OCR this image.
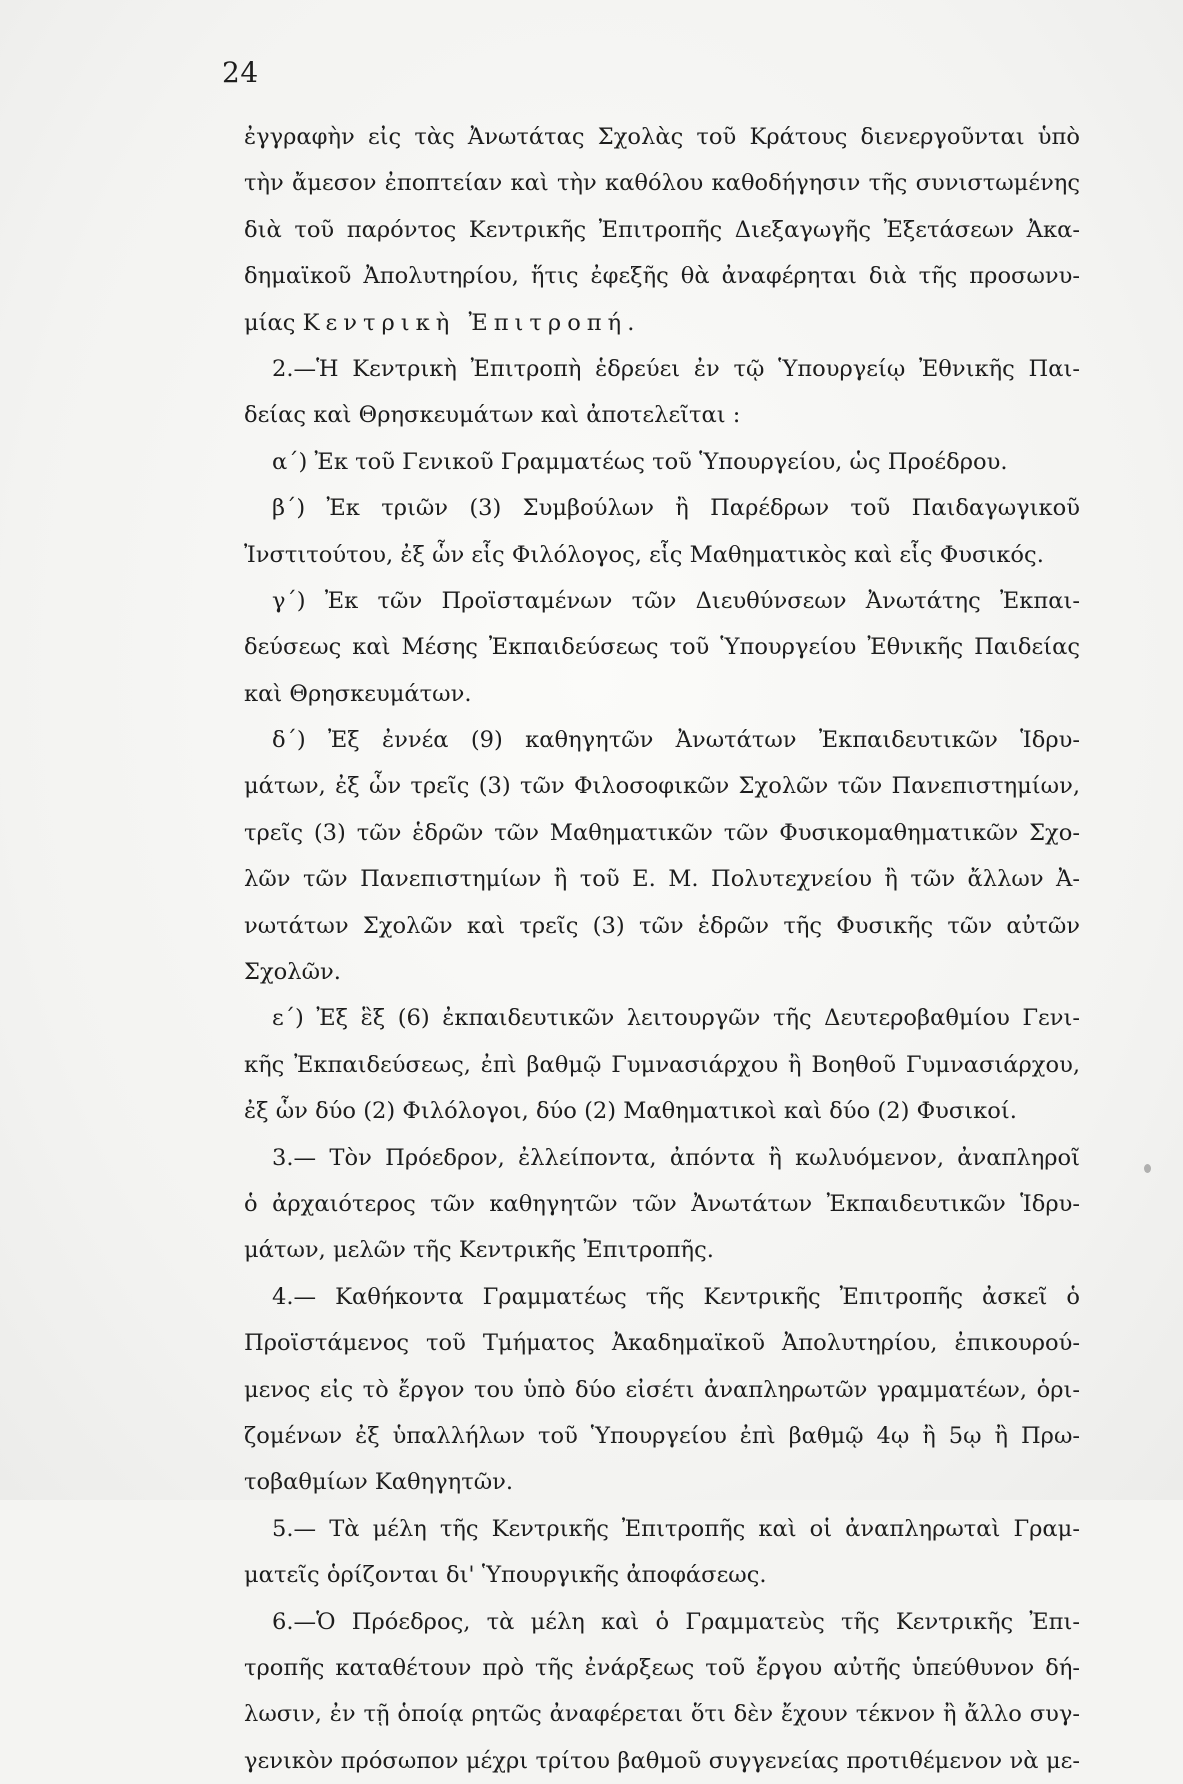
24
ἐγγραφὴν εἰς τὰς Ἀνωτάτας Σχολὰς τοῦ Κράτους διενεργοῦνται ὑπὸ
τὴν ἄμεσον ἐποπτείαν καὶ τὴν καθόλου καθοδήγησιν τῆς συνιστωμένης
διὰ τοῦ παρόντος Κεντρικῆς Ἐπιτροπῆς Διεξαγωγῆς Ἐξετάσεων Ἀκα-
δημαϊκοῦ Ἀπολυτηρίου, ἥτις ἐφεξῆς θὰ ἀναφέρηται διὰ τῆς προσωνυ-
μίας Κεντρικὴ Ἐπιτροπή.
2.—Ἡ Κεντρικὴ Ἐπιτροπὴ ἑδρεύει ἐν τῷ Ὑπουργείῳ Ἐθνικῆς Παι-
δείας καὶ Θρησκευμάτων καὶ ἀποτελεῖται :
α΄) Ἐκ τοῦ Γενικοῦ Γραμματέως τοῦ Ὑπουργείου, ὡς Προέδρου.
β΄) Ἐκ τριῶν (3) Συμβούλων ἢ Παρέδρων τοῦ Παιδαγωγικοῦ
Ἰνστιτούτου, ἐξ ὧν εἷς Φιλόλογος, εἷς Μαθηματικὸς καὶ εἷς Φυσικός.
γ΄) Ἐκ τῶν Προϊσταμένων τῶν Διευθύνσεων Ἀνωτάτης Ἐκπαι-
δεύσεως καὶ Μέσης Ἐκπαιδεύσεως τοῦ Ὑπουργείου Ἐθνικῆς Παιδείας
καὶ Θρησκευμάτων.
δ΄) Ἐξ ἐννέα (9) καθηγητῶν Ἀνωτάτων Ἐκπαιδευτικῶν Ἱδρυ-
μάτων, ἐξ ὧν τρεῖς (3) τῶν Φιλοσοφικῶν Σχολῶν τῶν Πανεπιστημίων,
τρεῖς (3) τῶν ἑδρῶν τῶν Μαθηματικῶν τῶν Φυσικομαθηματικῶν Σχο-
λῶν τῶν Πανεπιστημίων ἢ τοῦ Ε. Μ. Πολυτεχνείου ἢ τῶν ἄλλων Ἀ-
νωτάτων Σχολῶν καὶ τρεῖς (3) τῶν ἑδρῶν τῆς Φυσικῆς τῶν αὐτῶν
Σχολῶν.
ε΄) Ἐξ ἓξ (6) ἐκπαιδευτικῶν λειτουργῶν τῆς Δευτεροβαθμίου Γενι-
κῆς Ἐκπαιδεύσεως, ἐπὶ βαθμῷ Γυμνασιάρχου ἢ Βοηθοῦ Γυμνασιάρχου,
ἐξ ὧν δύο (2) Φιλόλογοι, δύο (2) Μαθηματικοὶ καὶ δύο (2) Φυσικοί.
3.— Τὸν Πρόεδρον, ἐλλείποντα, ἀπόντα ἢ κωλυόμενον, ἀναπληροῖ
ὁ ἀρχαιότερος τῶν καθηγητῶν τῶν Ἀνωτάτων Ἐκπαιδευτικῶν Ἱδρυ-
μάτων, μελῶν τῆς Κεντρικῆς Ἐπιτροπῆς.
4.— Καθήκοντα Γραμματέως τῆς Κεντρικῆς Ἐπιτροπῆς ἀσκεῖ ὁ
Προϊστάμενος τοῦ Τμήματος Ἀκαδημαϊκοῦ Ἀπολυτηρίου, ἐπικουρού-
μενος εἰς τὸ ἔργον του ὑπὸ δύο εἰσέτι ἀναπληρωτῶν γραμματέων, ὁρι-
ζομένων ἐξ ὑπαλλήλων τοῦ Ὑπουργείου ἐπὶ βαθμῷ 4ῳ ἢ 5ῳ ἢ Πρω-
τοβαθμίων Καθηγητῶν.
5.— Τὰ μέλη τῆς Κεντρικῆς Ἐπιτροπῆς καὶ οἱ ἀναπληρωταὶ Γραμ-
ματεῖς ὁρίζονται δι' Ὑπουργικῆς ἀποφάσεως.
6.—Ὁ Πρόεδρος, τὰ μέλη καὶ ὁ Γραμματεὺς τῆς Κεντρικῆς Ἐπι-
τροπῆς καταθέτουν πρὸ τῆς ἐνάρξεως τοῦ ἔργου αὐτῆς ὑπεύθυνον δή-
λωσιν, ἐν τῇ ὁποίᾳ ρητῶς ἀναφέρεται ὅτι δὲν ἔχουν τέκνον ἢ ἄλλο συγ-
γενικὸν πρόσωπον μέχρι τρίτου βαθμοῦ συγγενείας προτιθέμενον νὰ με-
